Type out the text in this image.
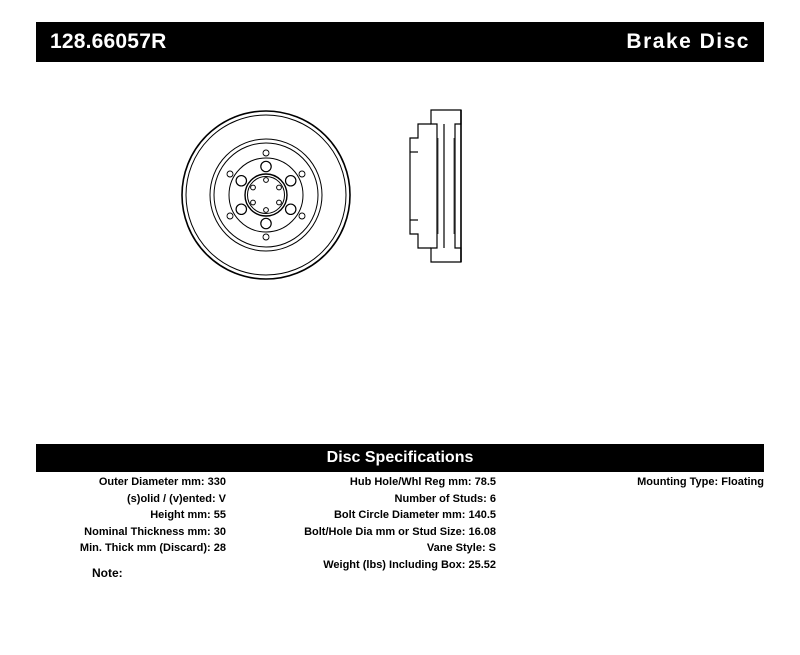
128.66057R	Brake Disc
Disc Specifications
Outer Diameter mm: 330
(s)olid / (v)ented: V
Height mm: 55
Nominal Thickness mm: 30
Min. Thick mm (Discard): 28
Hub Hole/Whl Reg mm: 78.5
Number of Studs: 6
Bolt Circle Diameter mm: 140.5
Bolt/Hole Dia mm or Stud Size: 16.08
Vane Style: S
Weight (lbs) Including Box: 25.52
Mounting Type: Floating
Note:
